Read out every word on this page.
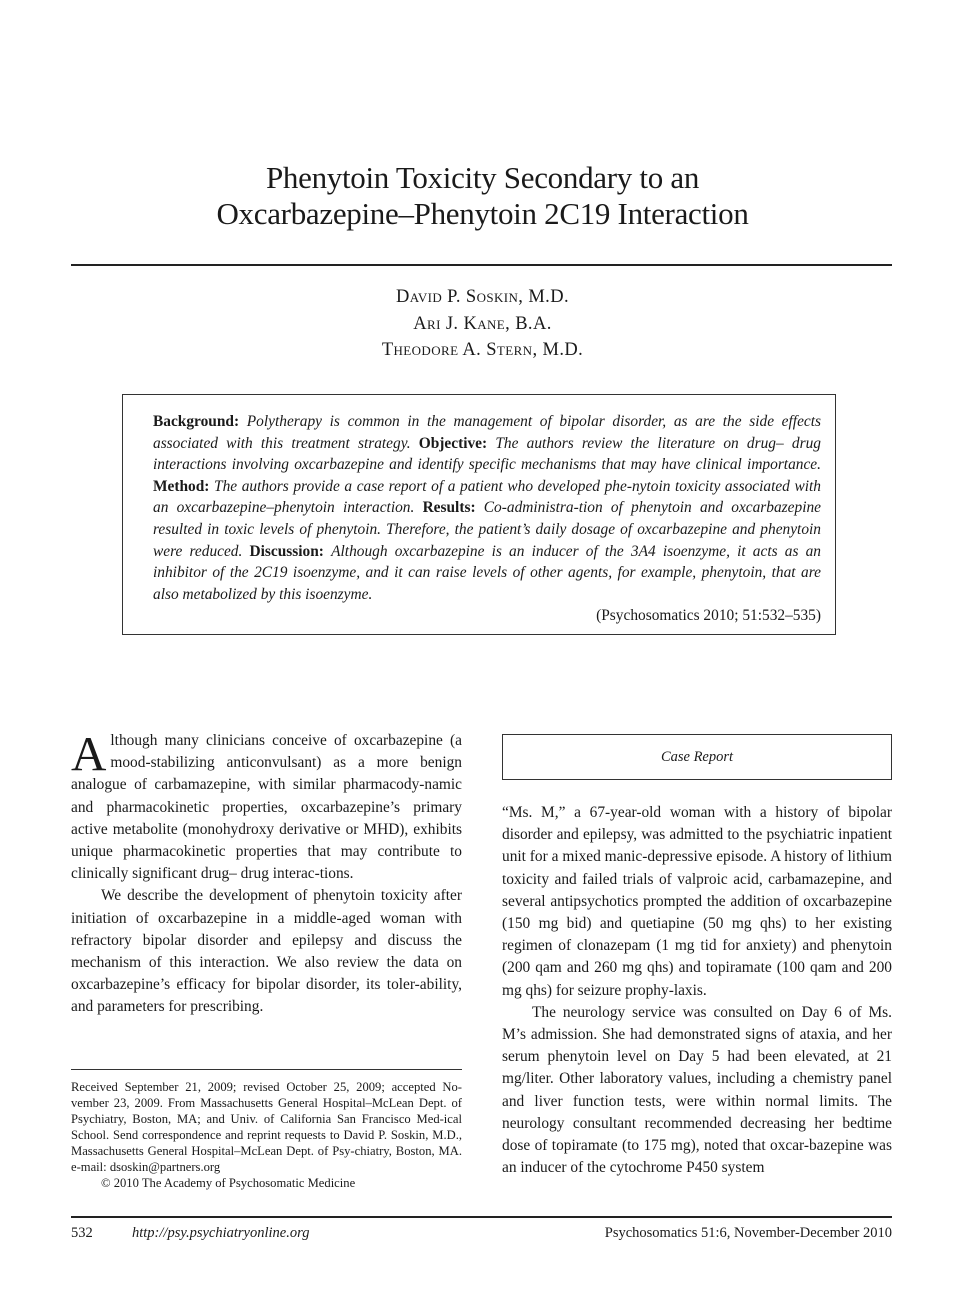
Phenytoin Toxicity Secondary to an
Oxcarbazepine–Phenytoin 2C19 Interaction
David P. Soskin, M.D.
Ari J. Kane, B.A.
Theodore A. Stern, M.D.
Background: Polytherapy is common in the management of bipolar disorder, as are the side effects associated with this treatment strategy. Objective: The authors review the literature on drug– drug interactions involving oxcarbazepine and identify specific mechanisms that may have clinical importance. Method: The authors provide a case report of a patient who developed phe-nytoin toxicity associated with an oxcarbazepine–phenytoin interaction. Results: Co-administra-tion of phenytoin and oxcarbazepine resulted in toxic levels of phenytoin. Therefore, the patient’s daily dosage of oxcarbazepine and phenytoin were reduced. Discussion: Although oxcarbazepine is an inducer of the 3A4 isoenzyme, it acts as an inhibitor of the 2C19 isoenzyme, and it can raise levels of other agents, for example, phenytoin, that are also metabolized by this isoenzyme.
(Psychosomatics 2010; 51:532–535)

Although many clinicians conceive of oxcarbazepine (a mood-stabilizing anticonvulsant) as a more benign analogue of carbamazepine, with similar pharmacody-namic and pharmacokinetic properties, oxcarbazepine’s primary active metabolite (monohydroxy derivative or MHD), exhibits unique pharmacokinetic properties that may contribute to clinically significant drug– drug interac-tions.

We describe the development of phenytoin toxicity after initiation of oxcarbazepine in a middle-aged woman with refractory bipolar disorder and epilepsy and discuss the mechanism of this interaction. We also review the data on oxcarbazepine’s efficacy for bipolar disorder, its toler-ability, and parameters for prescribing.

Received September 21, 2009; revised October 25, 2009; accepted No-vember 23, 2009. From Massachusetts General Hospital–McLean Dept. of Psychiatry, Boston, MA; and Univ. of California San Francisco Med-ical School. Send correspondence and reprint requests to David P. Soskin, M.D., Massachusetts General Hospital–McLean Dept. of Psy-chiatry, Boston, MA. e-mail: dsoskin@partners.org
© 2010 The Academy of Psychosomatic Medicine
Case Report

“Ms. M,” a 67-year-old woman with a history of bipolar disorder and epilepsy, was admitted to the psychiatric inpatient unit for a mixed manic-depressive episode. A history of lithium toxicity and failed trials of valproic acid, carbamazepine, and several antipsychotics prompted the addition of oxcarbazepine (150 mg bid) and quetiapine (50 mg qhs) to her existing regimen of clonazepam (1 mg tid for anxiety) and phenytoin (200 qam and 260 mg qhs) and topiramate (100 qam and 200 mg qhs) for seizure prophy-laxis.

The neurology service was consulted on Day 6 of Ms. M’s admission. She had demonstrated signs of ataxia, and her serum phenytoin level on Day 5 had been elevated, at 21 mg/liter. Other laboratory values, including a chemistry panel and liver function tests, were within normal limits. The neurology consultant recommended decreasing her bedtime dose of topiramate (to 175 mg), noted that oxcar-bazepine was an inducer of the cytochrome P450 system

532	http://psy.psychiatryonline.org	Psychosomatics 51:6, November-December 2010
